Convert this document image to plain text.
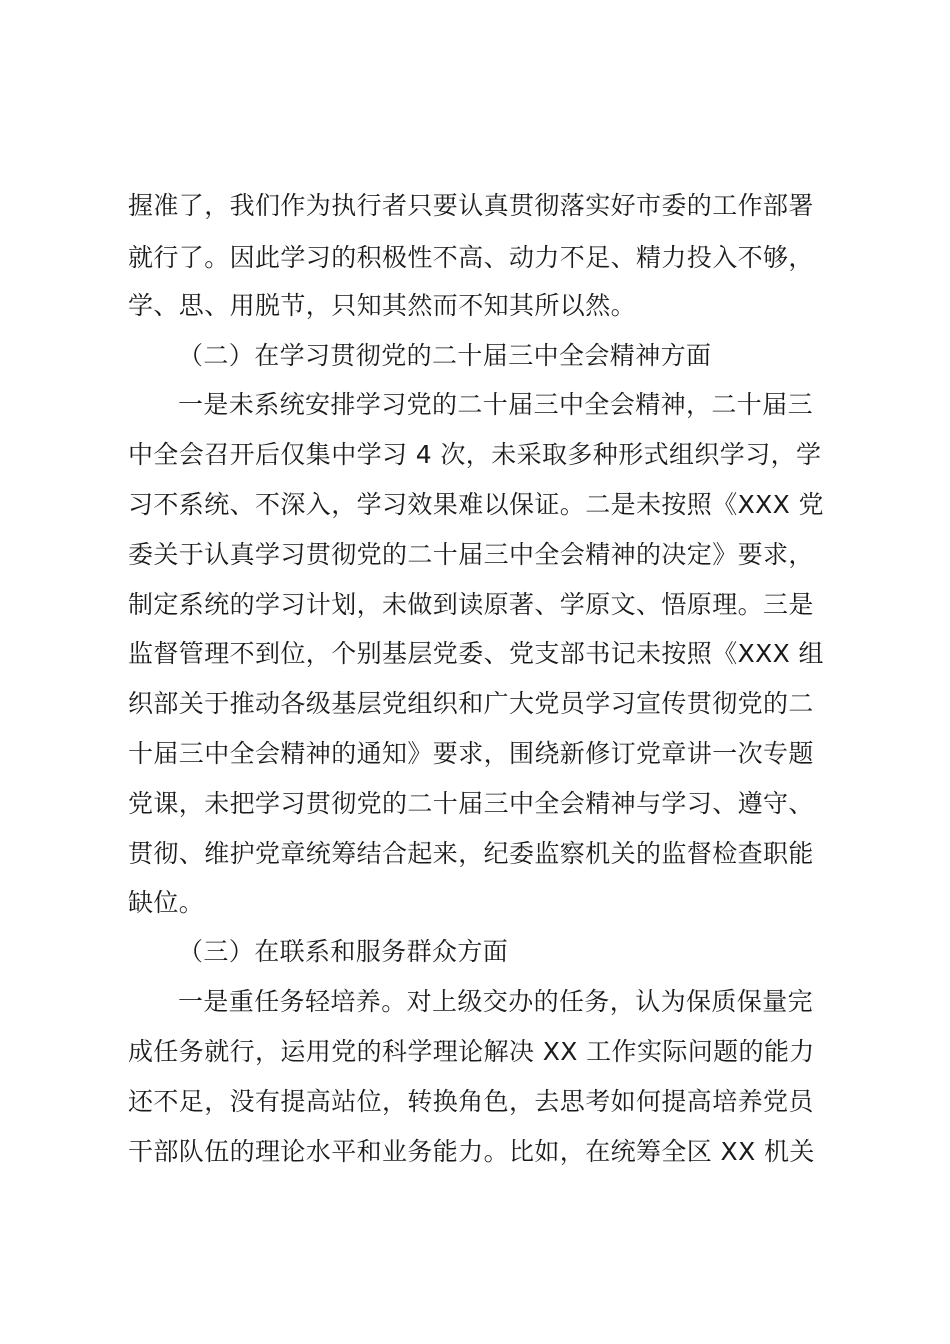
握准了，我们作为执行者只要认真贯彻落实好市委的工作部署
就行了。因此学习的积极性不高、动力不足、精力投入不够，
学、思、用脱节，只知其然而不知其所以然。
（二）在学习贯彻党的二十届三中全会精神方面
一是未系统安排学习党的二十届三中全会精神，二十届三
中全会召开后仅集中学习 4 次，未采取多种形式组织学习，学
习不系统、不深入，学习效果难以保证。二是未按照《XXX 党
委关于认真学习贯彻党的二十届三中全会精神的决定》要求，
制定系统的学习计划，未做到读原著、学原文、悟原理。三是
监督管理不到位，个别基层党委、党支部书记未按照《XXX 组
织部关于推动各级基层党组织和广大党员学习宣传贯彻党的二
十届三中全会精神的通知》要求，围绕新修订党章讲一次专题
党课，未把学习贯彻党的二十届三中全会精神与学习、遵守、
贯彻、维护党章统筹结合起来，纪委监察机关的监督检查职能
缺位。
（三）在联系和服务群众方面
一是重任务轻培养。对上级交办的任务，认为保质保量完
成任务就行，运用党的科学理论解决 XX 工作实际问题的能力
还不足，没有提高站位，转换角色，去思考如何提高培养党员
干部队伍的理论水平和业务能力。比如，在统筹全区 XX 机关
